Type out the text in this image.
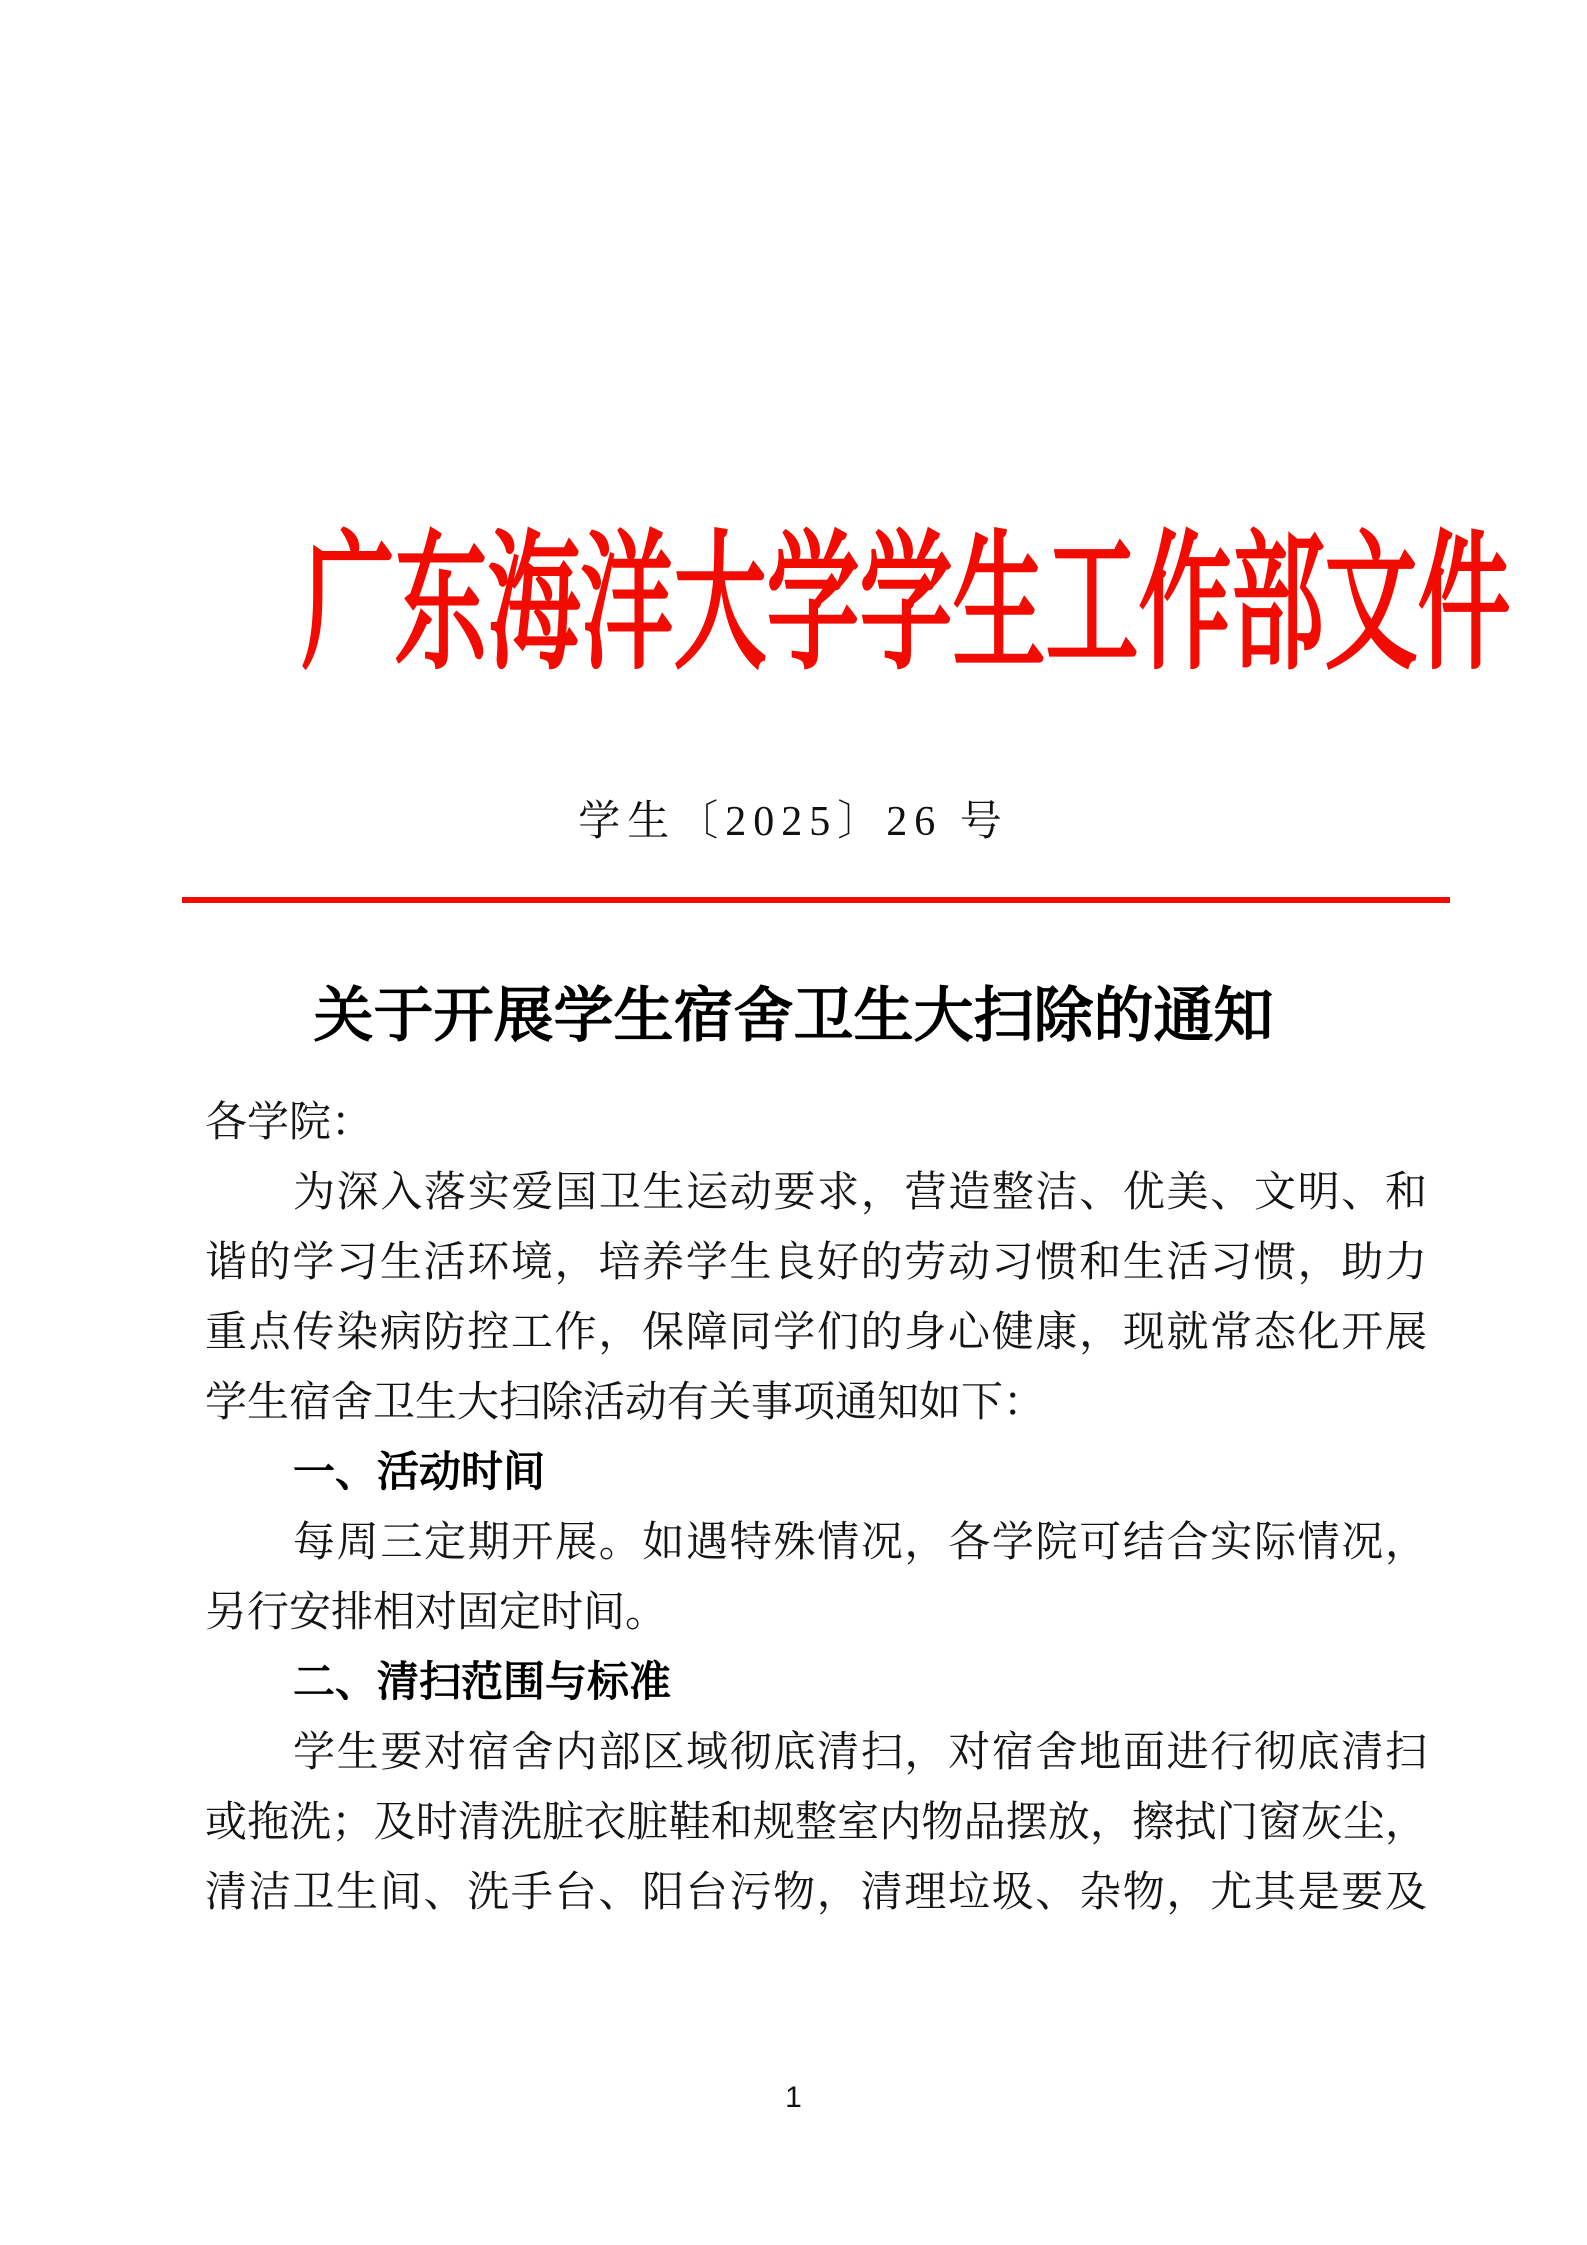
广东海洋大学学生工作部文件
学生〔2025〕26 号
关于开展学生宿舍卫生大扫除的通知
各学院：
为深入落实爱国卫生运动要求，营造整洁、优美、文明、和
谐的学习生活环境，培养学生良好的劳动习惯和生活习惯，助力
重点传染病防控工作，保障同学们的身心健康，现就常态化开展
学生宿舍卫生大扫除活动有关事项通知如下：
一、活动时间
每周三定期开展。如遇特殊情况，各学院可结合实际情况，
另行安排相对固定时间。
二、清扫范围与标准
学生要对宿舍内部区域彻底清扫，对宿舍地面进行彻底清扫
或拖洗；及时清洗脏衣脏鞋和规整室内物品摆放，擦拭门窗灰尘，
清洁卫生间、洗手台、阳台污物，清理垃圾、杂物，尤其是要及
1
